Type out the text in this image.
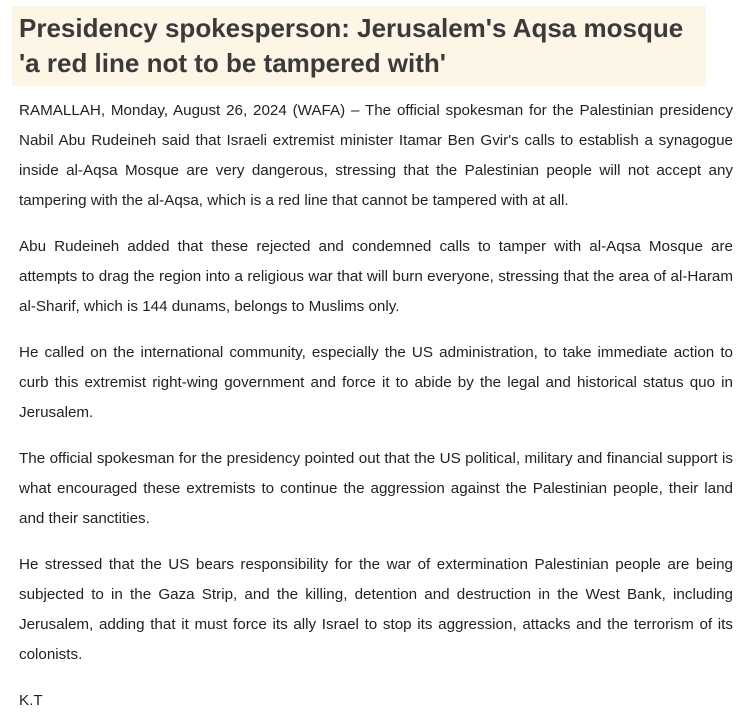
Presidency spokesperson: Jerusalem's Aqsa mosque 'a red line not to be tampered with'

RAMALLAH, Monday, August 26, 2024 (WAFA) – The official spokesman for the Palestinian presidency Nabil Abu Rudeineh said that Israeli extremist minister Itamar Ben Gvir's calls to establish a synagogue inside al-Aqsa Mosque are very dangerous, stressing that the Palestinian people will not accept any tampering with the al-Aqsa, which is a red line that cannot be tampered with at all.

Abu Rudeineh added that these rejected and condemned calls to tamper with al-Aqsa Mosque are attempts to drag the region into a religious war that will burn everyone, stressing that the area of al-Haram al-Sharif, which is 144 dunams, belongs to Muslims only.

He called on the international community, especially the US administration, to take immediate action to curb this extremist right-wing government and force it to abide by the legal and historical status quo in Jerusalem.

The official spokesman for the presidency pointed out that the US political, military and financial support is what encouraged these extremists to continue the aggression against the Palestinian people, their land and their sanctities.

He stressed that the US bears responsibility for the war of extermination Palestinian people are being subjected to in the Gaza Strip, and the killing, detention and destruction in the West Bank, including Jerusalem, adding that it must force its ally Israel to stop its aggression, attacks and the terrorism of its colonists.

K.T
